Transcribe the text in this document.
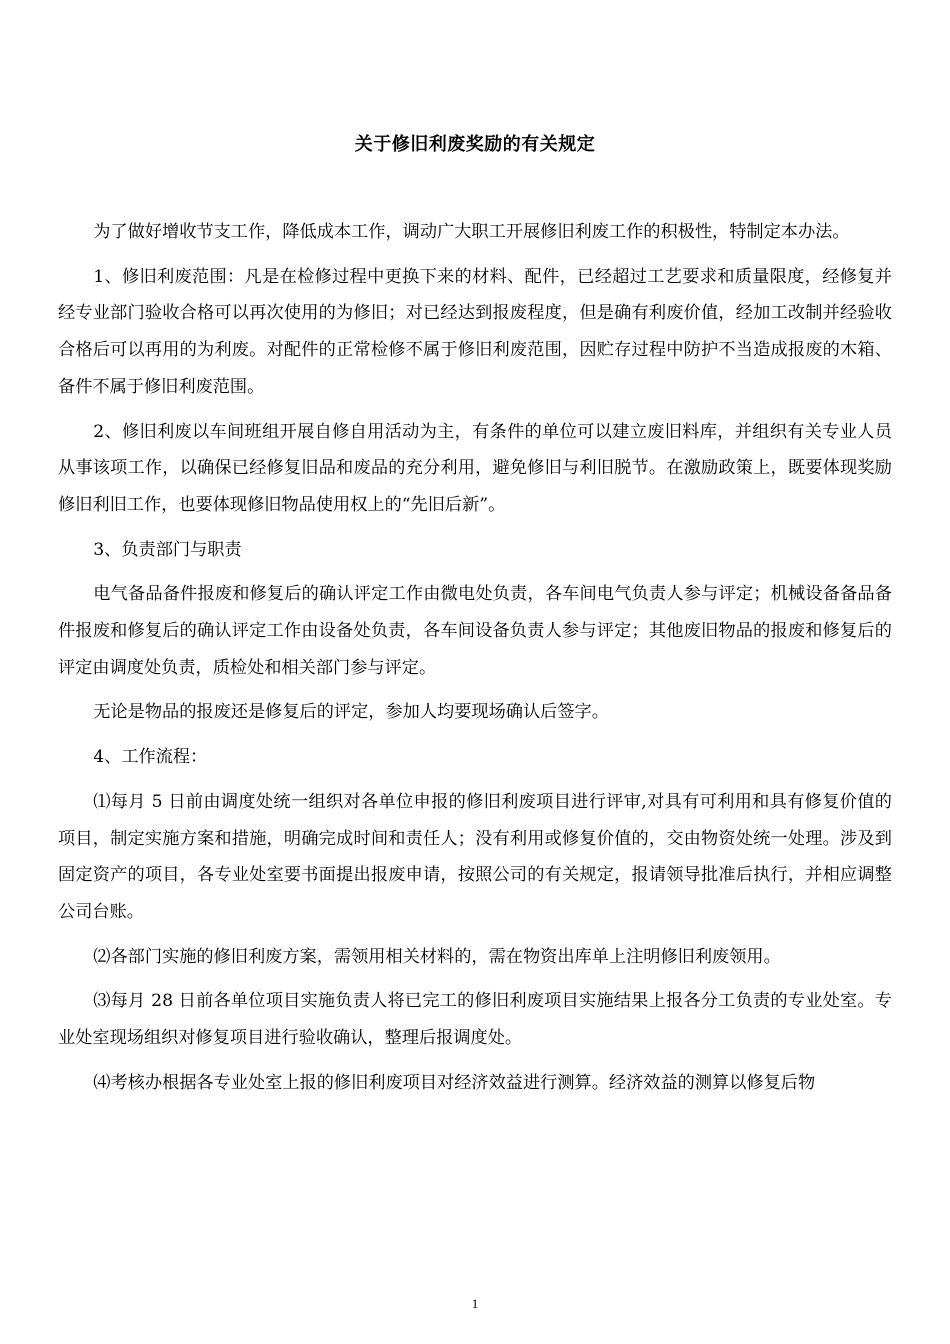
关于修旧利废奖励的有关规定

为了做好增收节支工作，降低成本工作，调动广大职工开展修旧利废工作的积极性，特制定本办法。

1、修旧利废范围：凡是在检修过程中更换下来的材料、配件，已经超过工艺要求和质量限度，经修复并经专业部门验收合格可以再次使用的为修旧；对已经达到报废程度，但是确有利废价值，经加工改制并经验收合格后可以再用的为利废。对配件的正常检修不属于修旧利废范围，因贮存过程中防护不当造成报废的木箱、备件不属于修旧利废范围。

2、修旧利废以车间班组开展自修自用活动为主，有条件的单位可以建立废旧料库，并组织有关专业人员从事该项工作，以确保已经修复旧品和废品的充分利用，避免修旧与利旧脱节。在激励政策上，既要体现奖励修旧利旧工作，也要体现修旧物品使用权上的“先旧后新”。

3、负责部门与职责

电气备品备件报废和修复后的确认评定工作由微电处负责，各车间电气负责人参与评定；机械设备备品备件报废和修复后的确认评定工作由设备处负责，各车间设备负责人参与评定；其他废旧物品的报废和修复后的评定由调度处负责，质检处和相关部门参与评定。

无论是物品的报废还是修复后的评定，参加人均要现场确认后签字。

4、工作流程：

⑴每月 5 日前由调度处统一组织对各单位申报的修旧利废项目进行评审,对具有可利用和具有修复价值的项目，制定实施方案和措施，明确完成时间和责任人；没有利用或修复价值的，交由物资处统一处理。涉及到固定资产的项目，各专业处室要书面提出报废申请，按照公司的有关规定，报请领导批准后执行，并相应调整公司台账。

⑵各部门实施的修旧利废方案，需领用相关材料的，需在物资出库单上注明修旧利废领用。

⑶每月 28 日前各单位项目实施负责人将已完工的修旧利废项目实施结果上报各分工负责的专业处室。专业处室现场组织对修复项目进行验收确认，整理后报调度处。

⑷考核办根据各专业处室上报的修旧利废项目对经济效益进行测算。经济效益的测算以修复后物

1
